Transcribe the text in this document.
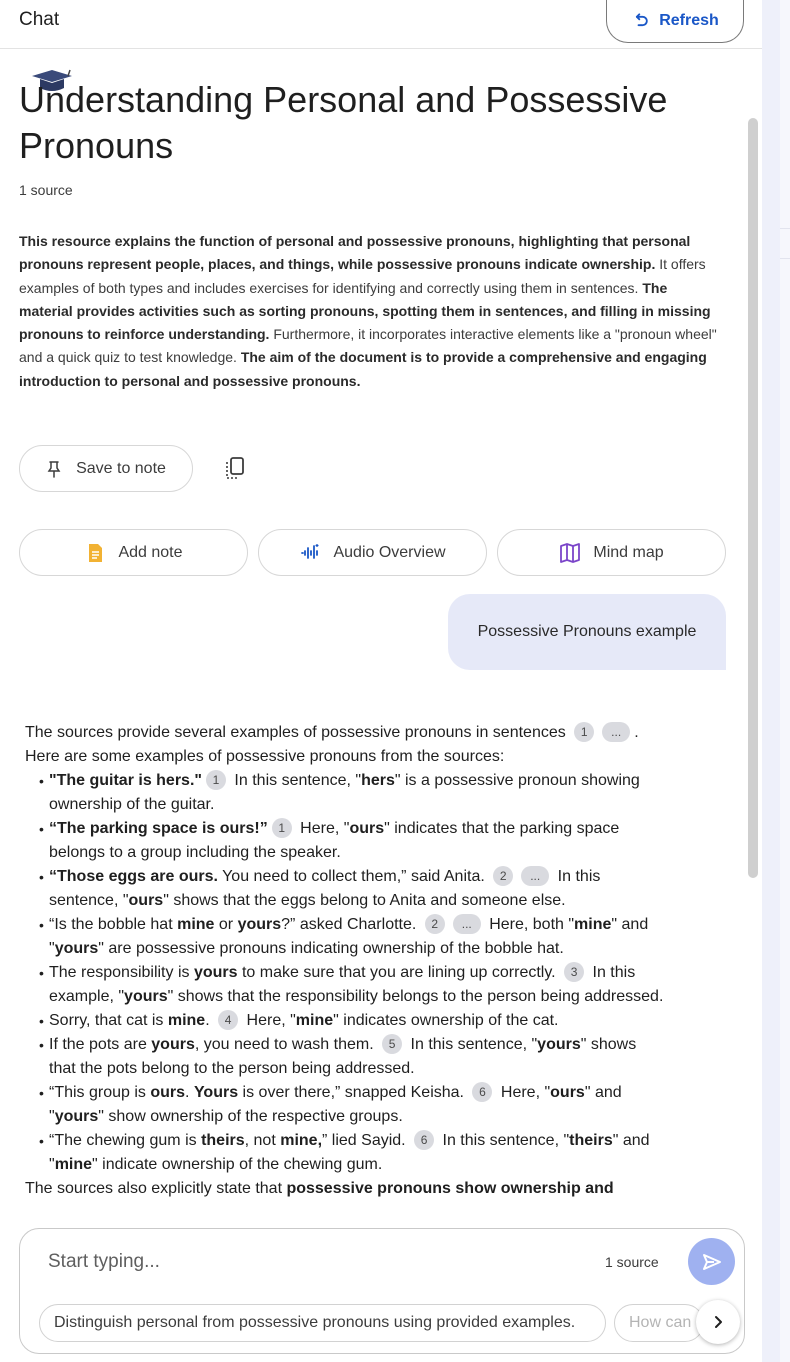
Chat	Refresh
Understanding Personal and Possessive Pronouns
1 source
This resource explains the function of personal and possessive pronouns, highlighting that personal pronouns represent people, places, and things, while possessive pronouns indicate ownership. It offers examples of both types and includes exercises for identifying and correctly using them in sentences. The material provides activities such as sorting pronouns, spotting them in sentences, and filling in missing pronouns to reinforce understanding. Furthermore, it incorporates interactive elements like a "pronoun wheel" and a quick quiz to test knowledge. The aim of the document is to provide a comprehensive and engaging introduction to personal and possessive pronouns.
Save to note
Add note	Audio Overview	Mind map
Possessive Pronouns example
The sources provide several examples of possessive pronouns in sentences 1 ... .
Here are some examples of possessive pronouns from the sources:
• "The guitar is hers." 1 In this sentence, "hers" is a possessive pronoun showing ownership of the guitar.
• “The parking space is ours!” 1 Here, "ours" indicates that the parking space belongs to a group including the speaker.
• “Those eggs are ours. You need to collect them,” said Anita. 2 ... In this sentence, "ours" shows that the eggs belong to Anita and someone else.
• “Is the bobble hat mine or yours?” asked Charlotte. 2 ... Here, both "mine" and "yours" are possessive pronouns indicating ownership of the bobble hat.
• The responsibility is yours to make sure that you are lining up correctly. 3 In this example, "yours" shows that the responsibility belongs to the person being addressed.
• Sorry, that cat is mine. 4 Here, "mine" indicates ownership of the cat.
• If the pots are yours, you need to wash them. 5 In this sentence, "yours" shows that the pots belong to the person being addressed.
• “This group is ours. Yours is over there,” snapped Keisha. 6 Here, "ours" and "yours" show ownership of the respective groups.
• “The chewing gum is theirs, not mine,” lied Sayid. 6 In this sentence, "theirs" and "mine" indicate ownership of the chewing gum.
The sources also explicitly state that possessive pronouns show ownership and
Start typing...
1 source
Distinguish personal from possessive pronouns using provided examples.	How can
